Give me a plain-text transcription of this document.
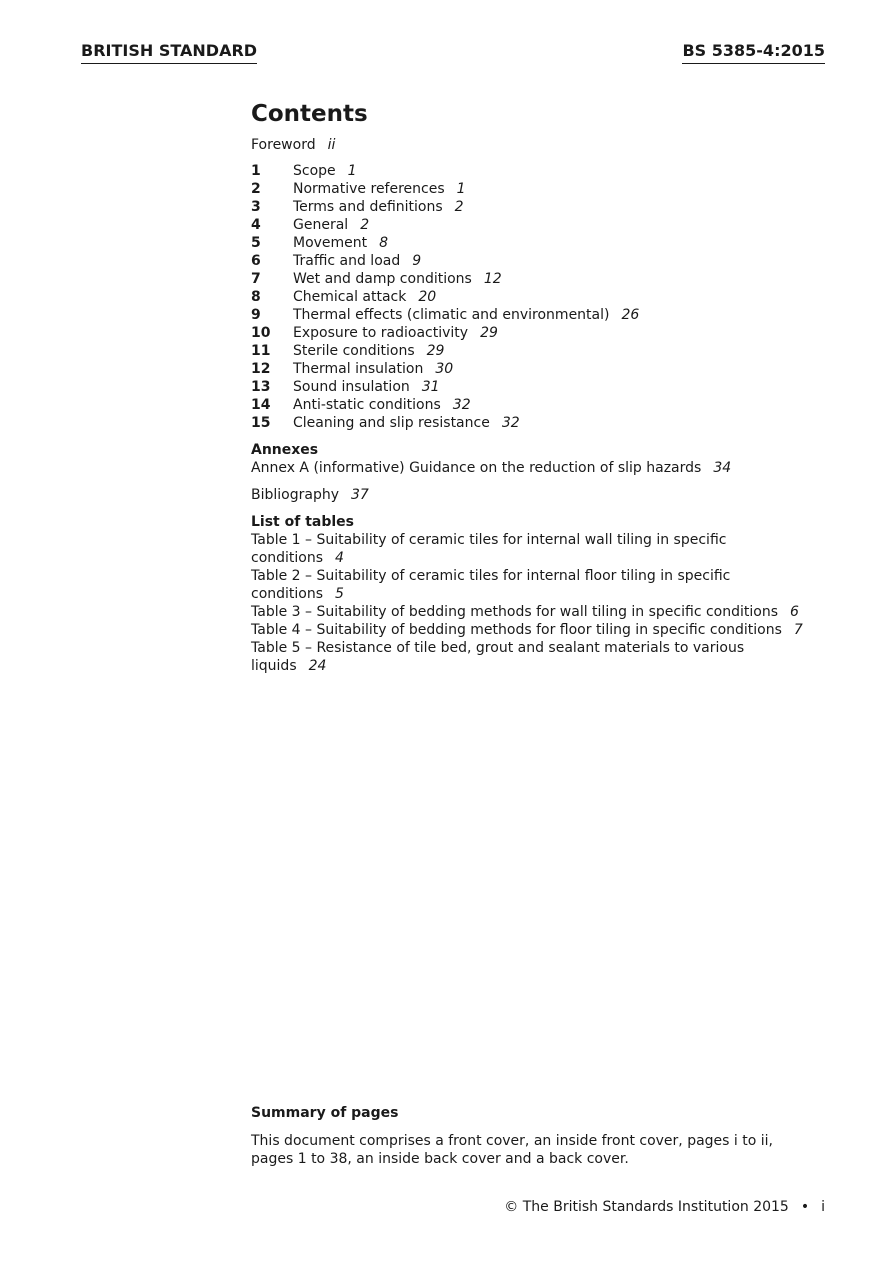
BRITISH STANDARD	BS 5385-4:2015
Contents
Foreword ii
1	Scope 1
2	Normative references 1
3	Terms and definitions 2
4	General 2
5	Movement 8
6	Traffic and load 9
7	Wet and damp conditions 12
8	Chemical attack 20
9	Thermal effects (climatic and environmental) 26
10	Exposure to radioactivity 29
11	Sterile conditions 29
12	Thermal insulation 30
13	Sound insulation 31
14	Anti-static conditions 32
15	Cleaning and slip resistance 32
Annexes
Annex A (informative) Guidance on the reduction of slip hazards 34
Bibliography 37
List of tables
Table 1 – Suitability of ceramic tiles for internal wall tiling in specific
conditions 4
Table 2 – Suitability of ceramic tiles for internal floor tiling in specific
conditions 5
Table 3 – Suitability of bedding methods for wall tiling in specific conditions 6
Table 4 – Suitability of bedding methods for floor tiling in specific conditions 7
Table 5 – Resistance of tile bed, grout and sealant materials to various
liquids 24
Summary of pages
This document comprises a front cover, an inside front cover, pages i to ii,
pages 1 to 38, an inside back cover and a back cover.
© The British Standards Institution 2015 • i
